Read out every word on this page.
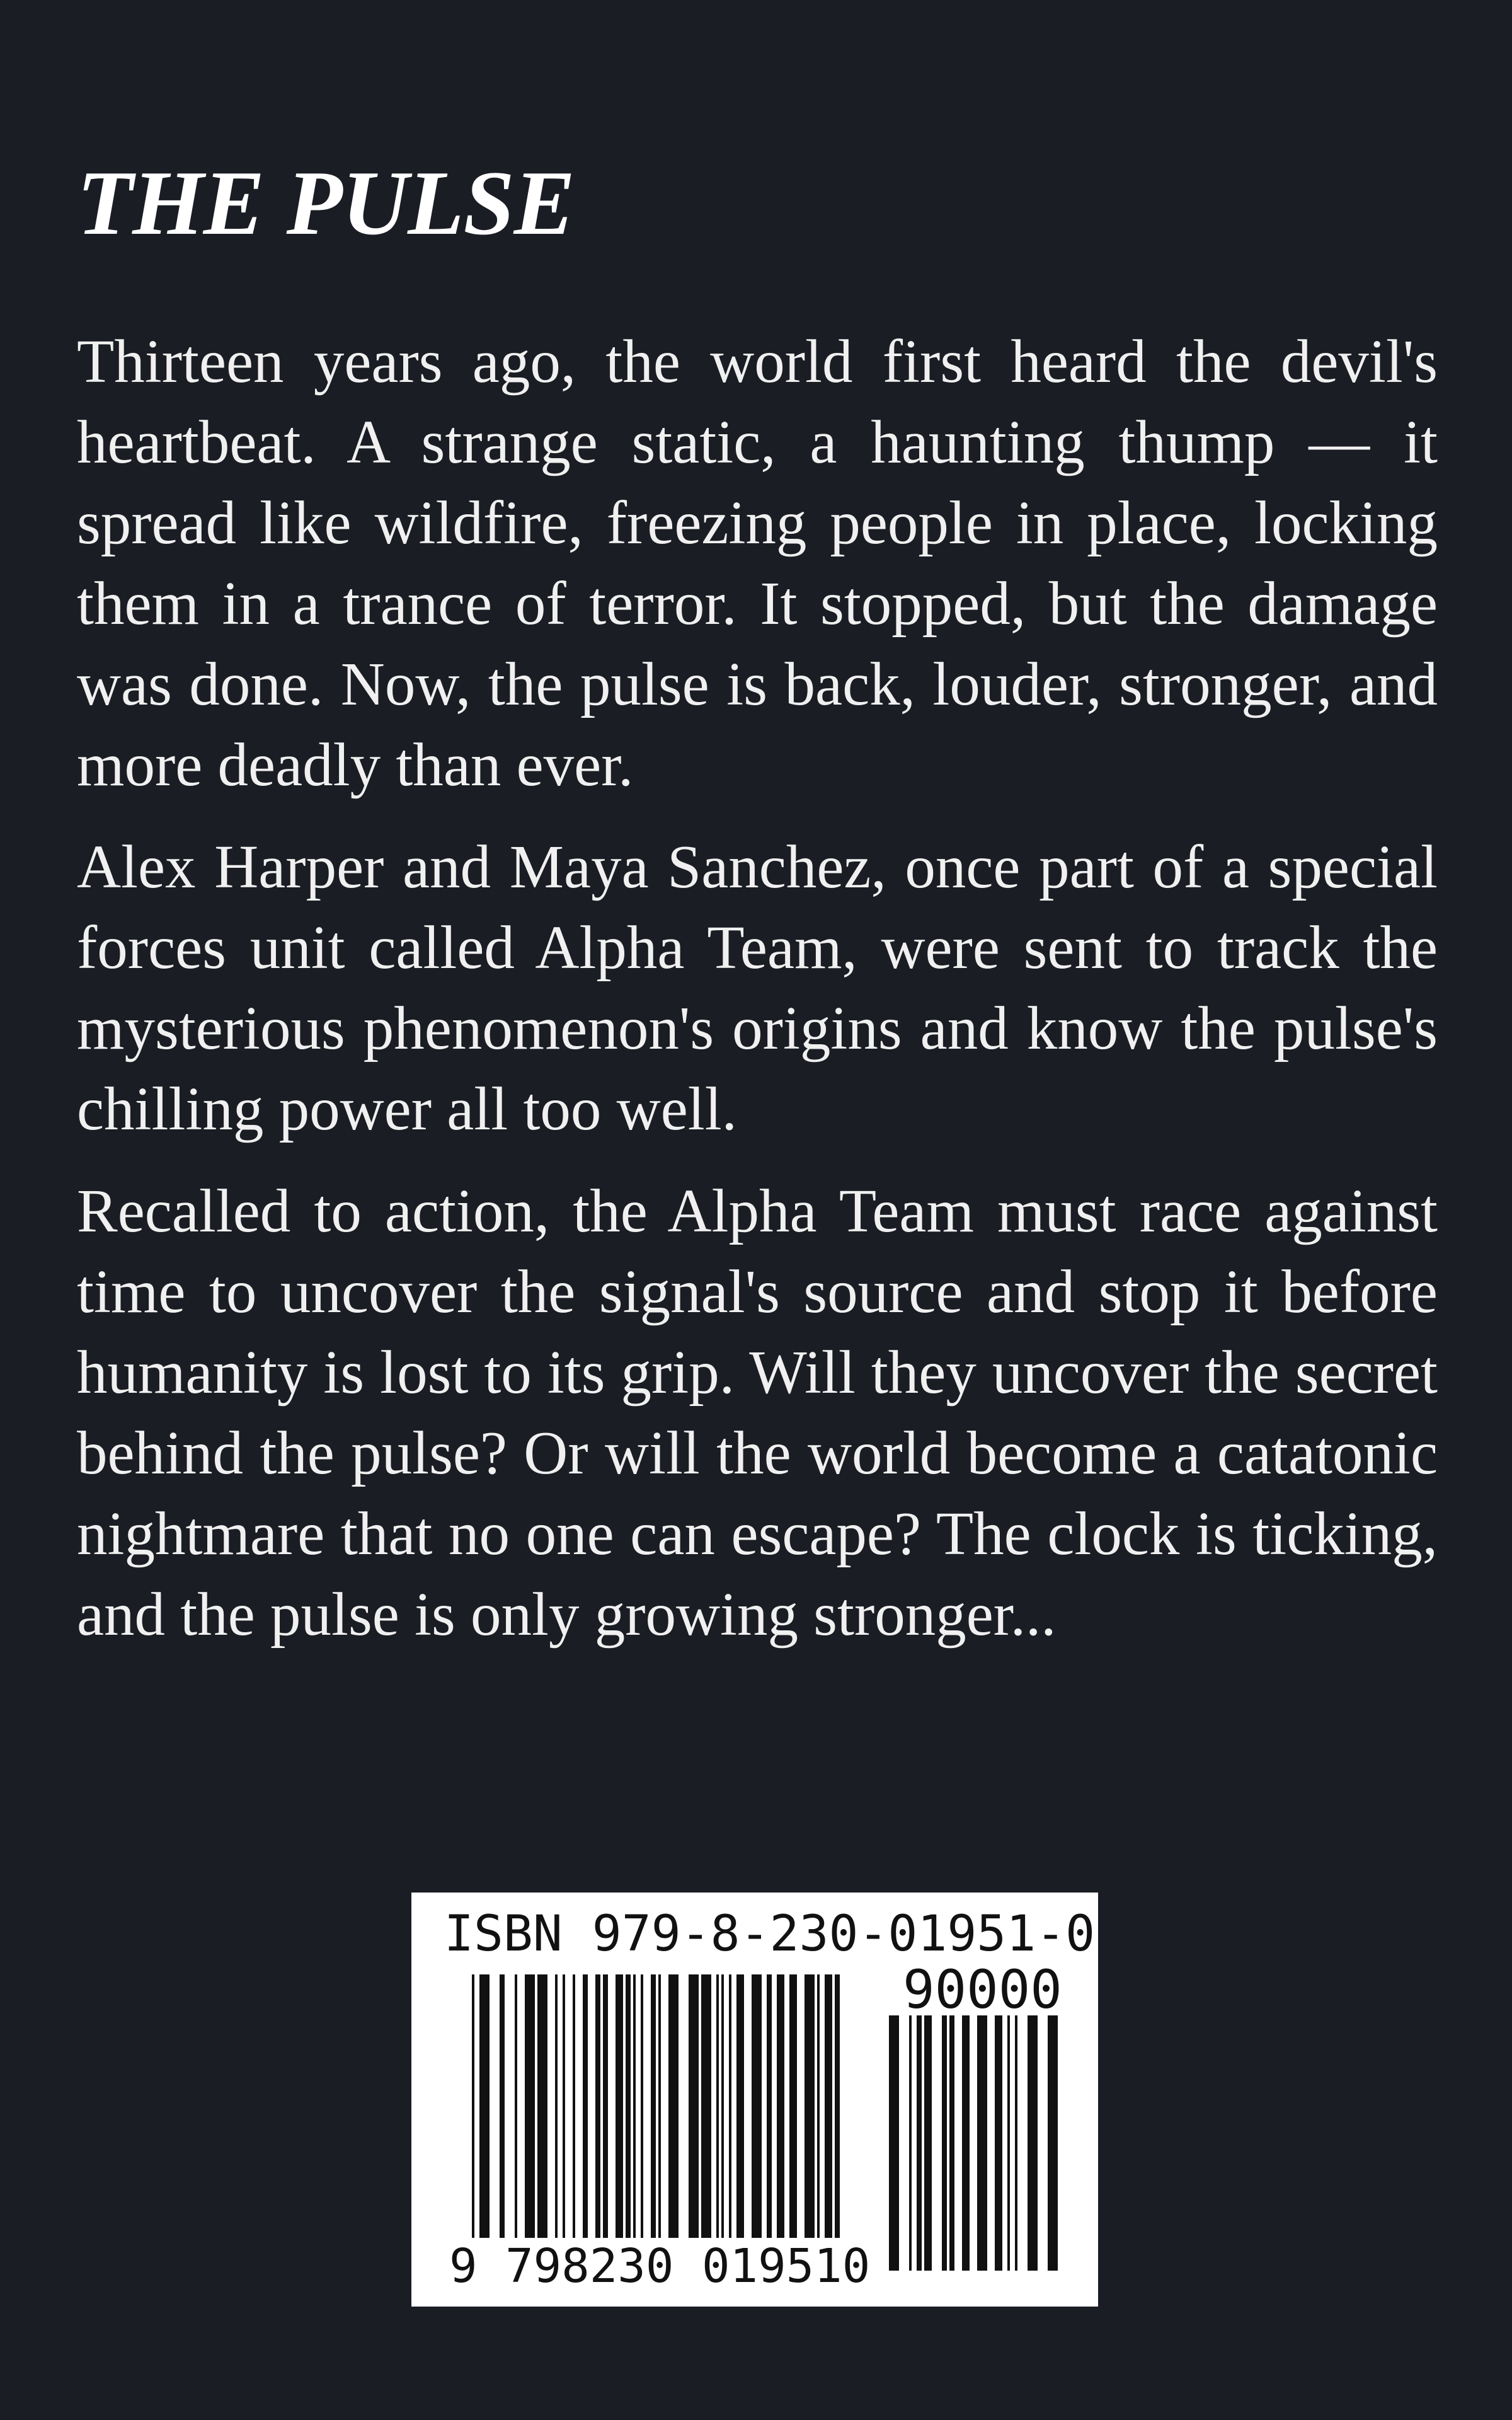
THE PULSE

Thirteen years ago, the world first heard the devil's heartbeat. A strange static, a haunting thump — it spread like wildfire, freezing people in place, locking them in a trance of terror. It stopped, but the damage was done. Now, the pulse is back, louder, stronger, and more deadly than ever.

Alex Harper and Maya Sanchez, once part of a special forces unit called Alpha Team, were sent to track the mysterious phenomenon's origins and know the pulse's chilling power all too well.

Recalled to action, the Alpha Team must race against time to uncover the signal's source and stop it before humanity is lost to its grip. Will they uncover the secret behind the pulse? Or will the world become a catatonic nightmare that no one can escape? The clock is ticking, and the pulse is only growing stronger...

ISBN 979-8-230-01951-0
90000
9 798230 019510
